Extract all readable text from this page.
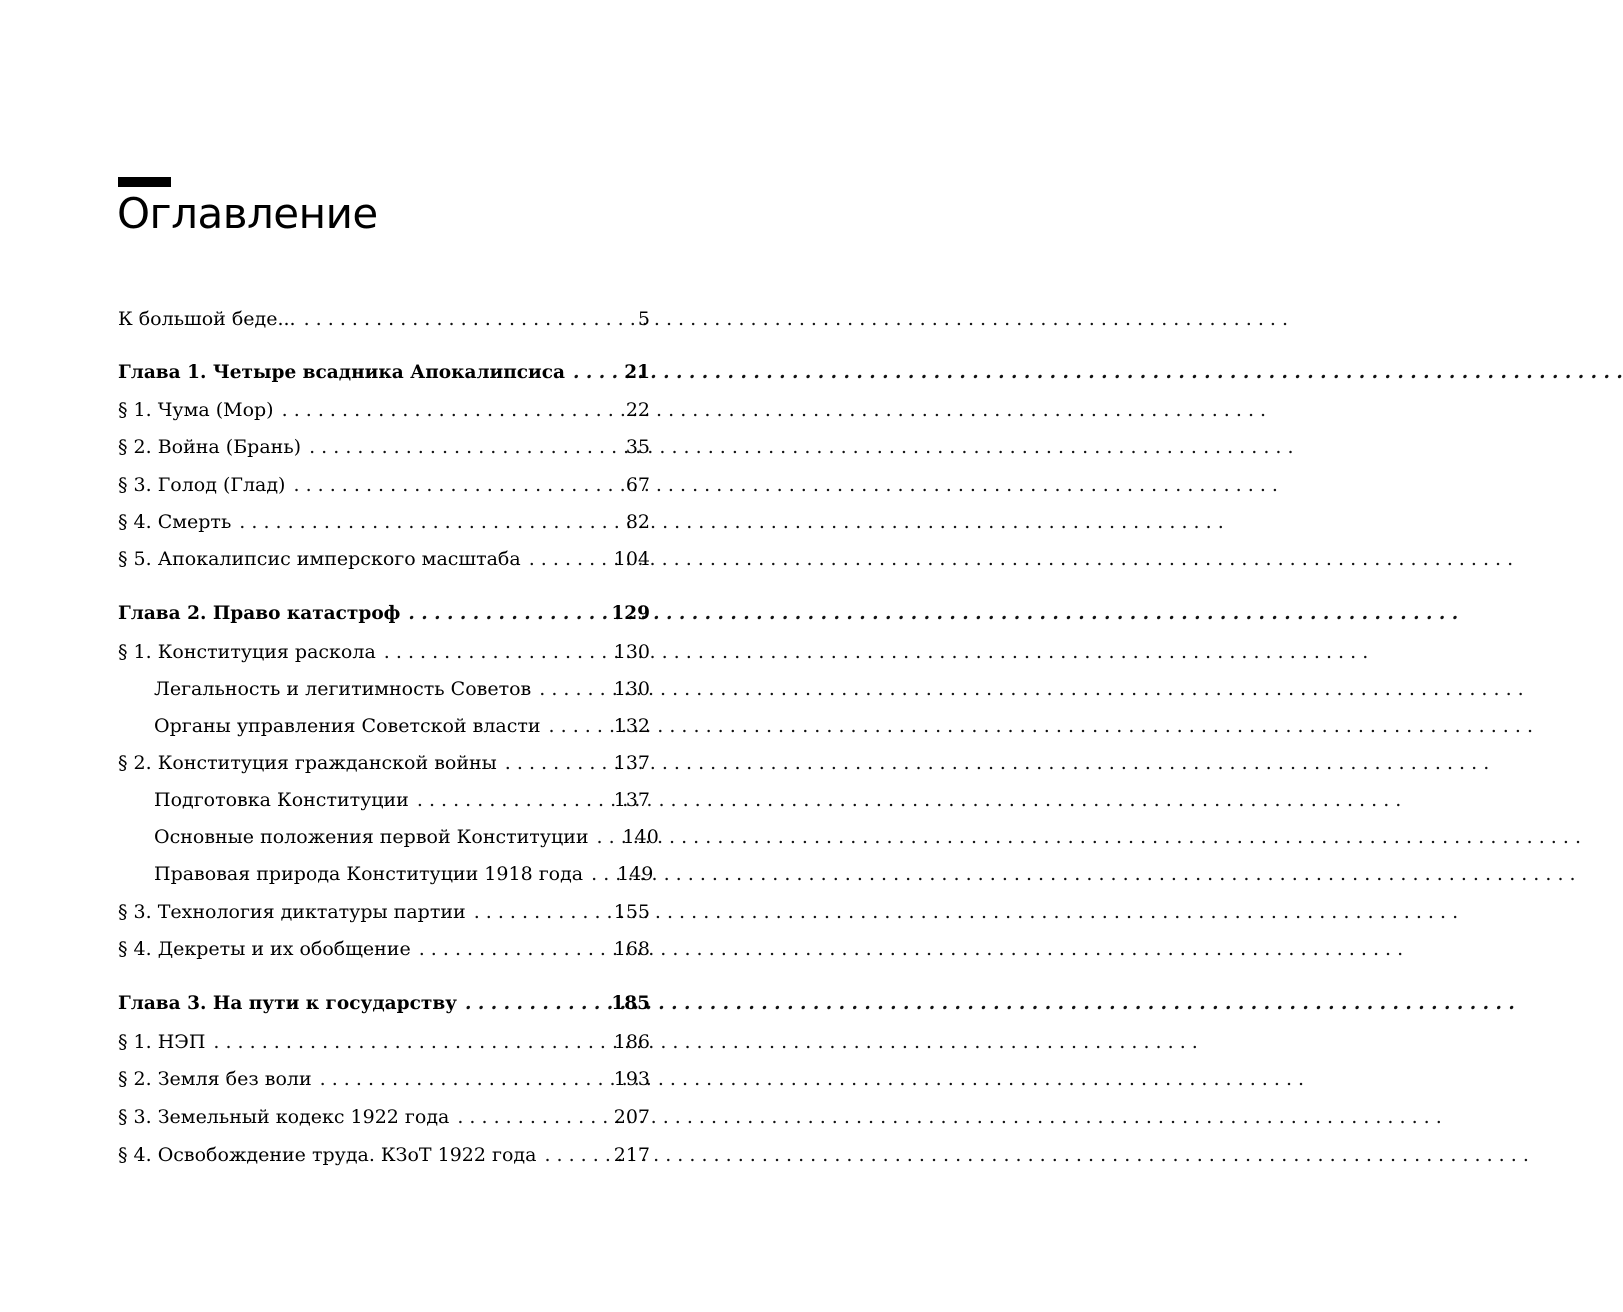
Оглавление
К большой беде... . . .	5
Глава 1. Четыре всадника Апокалипсиса . . .	21
§ 1. Чума (Мор) . . .	22
§ 2. Война (Брань) . . .	35
§ 3. Голод (Глад) . . .	67
§ 4. Смерть . . .	82
§ 5. Апокалипсис имперского масштаба . . .	104
Глава 2. Право катастроф . . .	129
§ 1. Конституция раскола . . .	130
Легальность и легитимность Советов . . .	130
Органы управления Советской власти . . .	132
§ 2. Конституция гражданской войны . . .	137
Подготовка Конституции . . .	137
Основные положения первой Конституции . . .	140
Правовая природа Конституции 1918 года . . .	149
§ 3. Технология диктатуры партии . . .	155
§ 4. Декреты и их обобщение . . .	168
Глава 3. На пути к государству . . .	185
§ 1. НЭП . . .	186
§ 2. Земля без воли . . .	193
§ 3. Земельный кодекс 1922 года . . .	207
§ 4. Освобождение труда. КЗоТ 1922 года . . .	217
